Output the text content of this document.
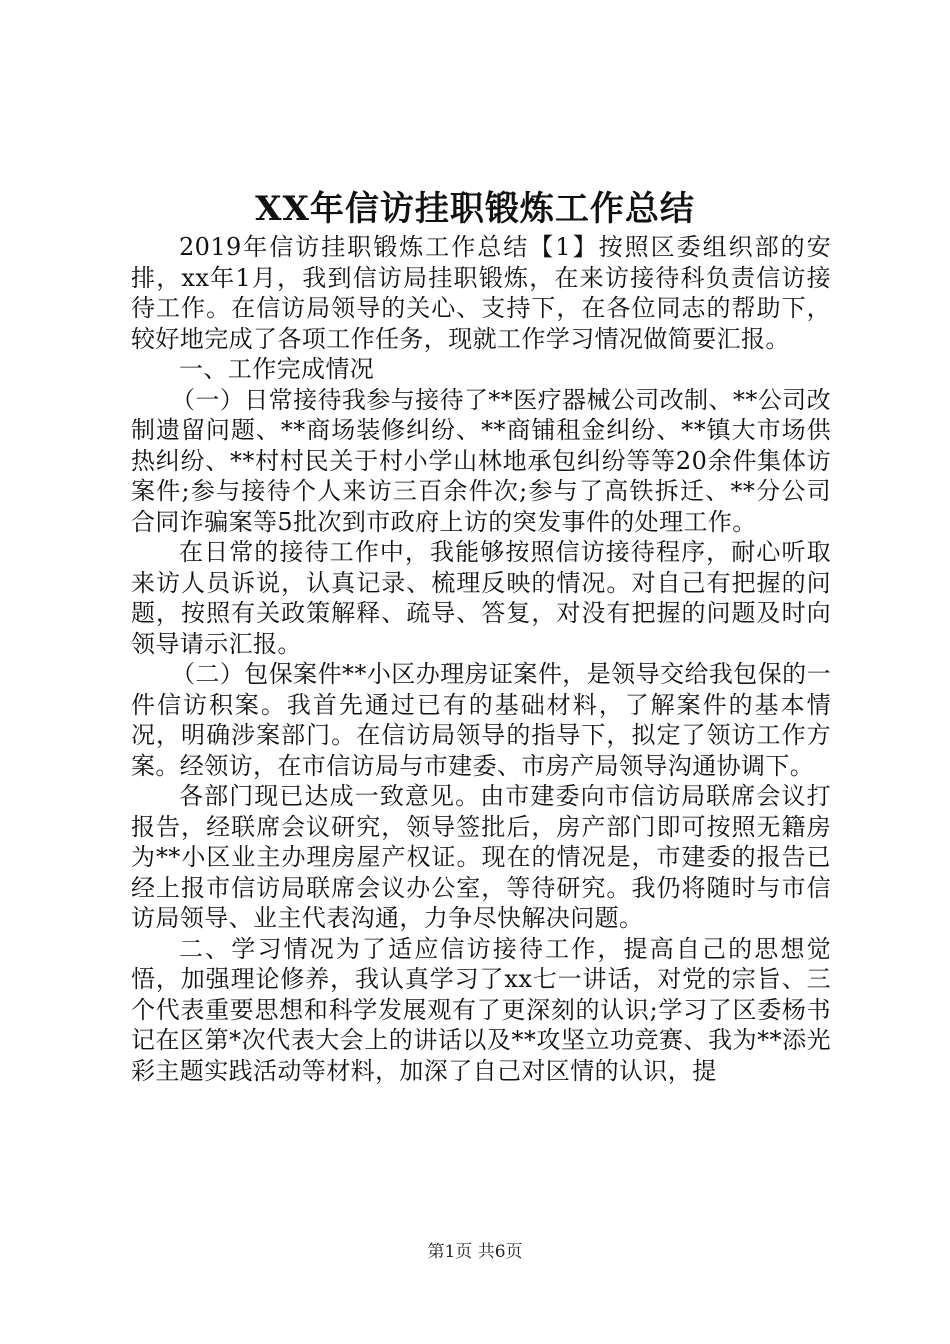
XX年信访挂职锻炼工作总结

2019年信访挂职锻炼工作总结【1】按照区委组织部的安排，xx年1月，我到信访局挂职锻炼，在来访接待科负责信访接待工作。在信访局领导的关心、支持下，在各位同志的帮助下，较好地完成了各项工作任务，现就工作学习情况做简要汇报。

一、工作完成情况

（一）日常接待我参与接待了**医疗器械公司改制、**公司改制遗留问题、**商场装修纠纷、**商铺租金纠纷、**镇大市场供热纠纷、**村村民关于村小学山林地承包纠纷等等20余件集体访案件;参与接待个人来访三百余件次;参与了高铁拆迁、**分公司合同诈骗案等5批次到市政府上访的突发事件的处理工作。

在日常的接待工作中，我能够按照信访接待程序，耐心听取来访人员诉说，认真记录、梳理反映的情况。对自己有把握的问题，按照有关政策解释、疏导、答复，对没有把握的问题及时向领导请示汇报。

（二）包保案件**小区办理房证案件，是领导交给我包保的一件信访积案。我首先通过已有的基础材料，了解案件的基本情况，明确涉案部门。在信访局领导的指导下，拟定了领访工作方案。经领访，在市信访局与市建委、市房产局领导沟通协调下。

各部门现已达成一致意见。由市建委向市信访局联席会议打报告，经联席会议研究，领导签批后，房产部门即可按照无籍房为**小区业主办理房屋产权证。现在的情况是，市建委的报告已经上报市信访局联席会议办公室，等待研究。我仍将随时与市信访局领导、业主代表沟通，力争尽快解决问题。

二、学习情况为了适应信访接待工作，提高自己的思想觉悟，加强理论修养，我认真学习了xx七一讲话，对党的宗旨、三个代表重要思想和科学发展观有了更深刻的认识;学习了区委杨书记在区第*次代表大会上的讲话以及**攻坚立功竞赛、我为**添光彩主题实践活动等材料，加深了自己对区情的认识，提

第1页 共6页
